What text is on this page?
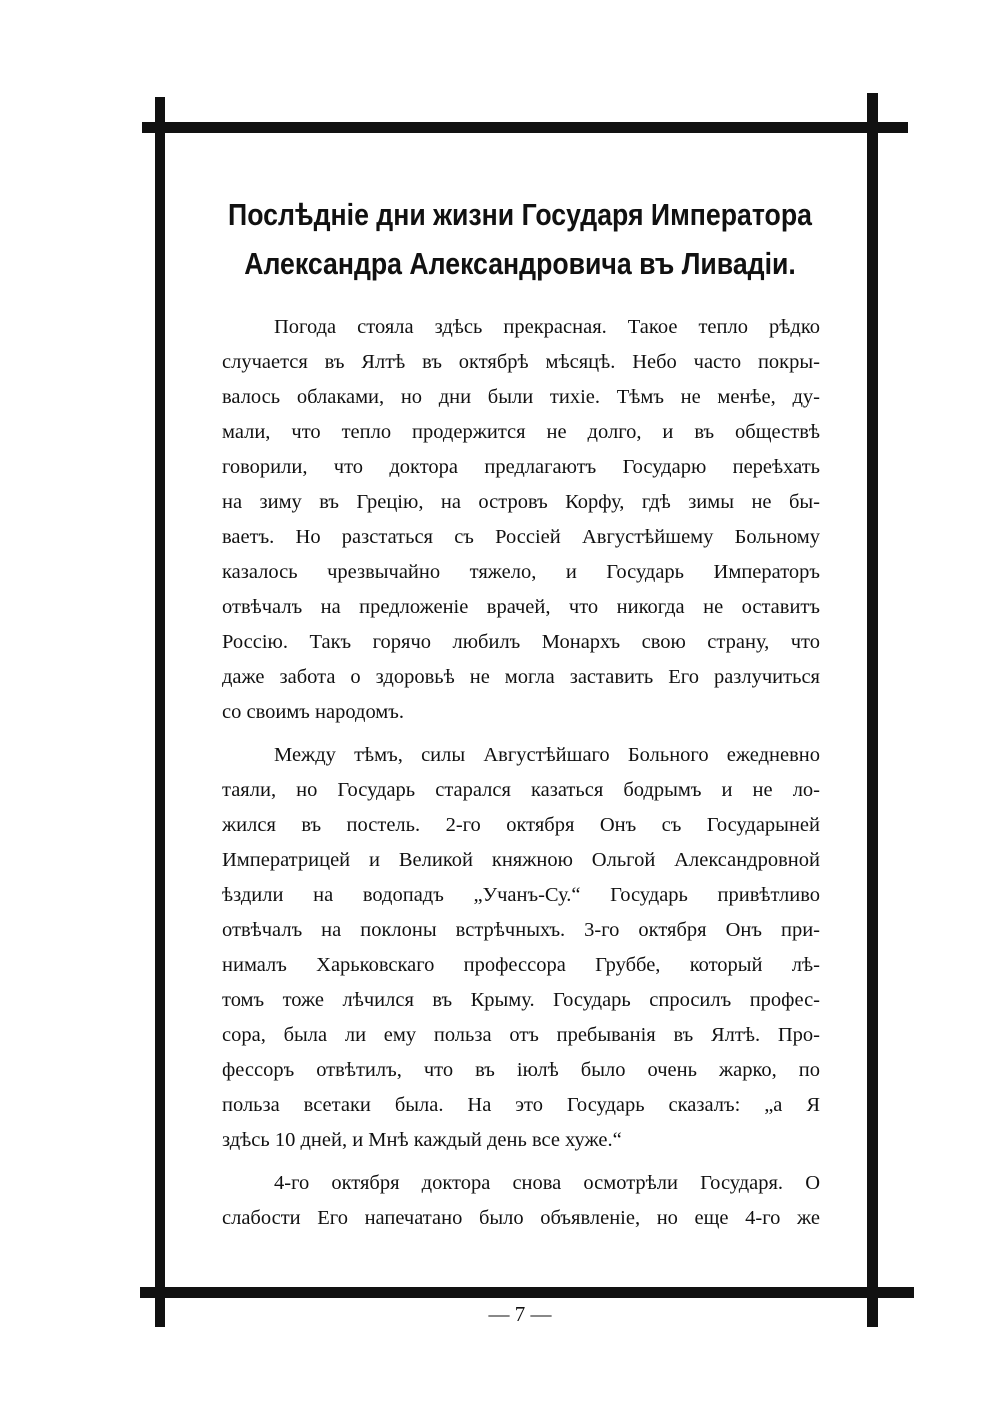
Послѣдніе дни жизни Государя Императора
Александра Александровича въ Ливадіи.

Погода стояла здѣсь прекрасная. Такое тепло рѣдко
случается въ Ялтѣ въ октябрѣ мѣсяцѣ. Небо часто покры-
валось облаками, но дни были тихіе. Тѣмъ не менѣе, ду-
мали, что тепло продержится не долго, и въ обществѣ
говорили, что доктора предлагаютъ Государю переѣхать
на зиму въ Грецію, на островъ Корфу, гдѣ зимы не бы-
ваетъ. Но разстаться съ Россіей Августѣйшему Больному
казалось чрезвычайно тяжело, и Государь Императоръ
отвѣчалъ на предложеніе врачей, что никогда не оставитъ
Россію. Такъ горячо любилъ Монархъ свою страну, что
даже забота о здоровьѣ не могла заставить Его разлучиться
со своимъ народомъ.

Между тѣмъ, силы Августѣйшаго Больного ежедневно
таяли, но Государь старался казаться бодрымъ и не ло-
жился въ постель. 2-го октября Онъ съ Государыней
Императрицей и Великой княжною Ольгой Александровной
ѣздили на водопадъ „Учанъ-Су.“ Государь привѣтливо
отвѣчалъ на поклоны встрѣчныхъ. 3-го октября Онъ при-
нималъ Харьковскаго профессора Груббе, который лѣ-
томъ тоже лѣчился въ Крыму. Государь спросилъ профес-
сора, была ли ему польза отъ пребыванія въ Ялтѣ. Про-
фессоръ отвѣтилъ, что въ іюлѣ было очень жарко, по
польза всетаки была. На это Государь сказалъ: „а Я
здѣсь 10 дней, и Мнѣ каждый день все хуже.“

4-го октября доктора снова осмотрѣли Государя. О
слабости Его напечатано было объявленіе, но еще 4-го же

— 7 —
